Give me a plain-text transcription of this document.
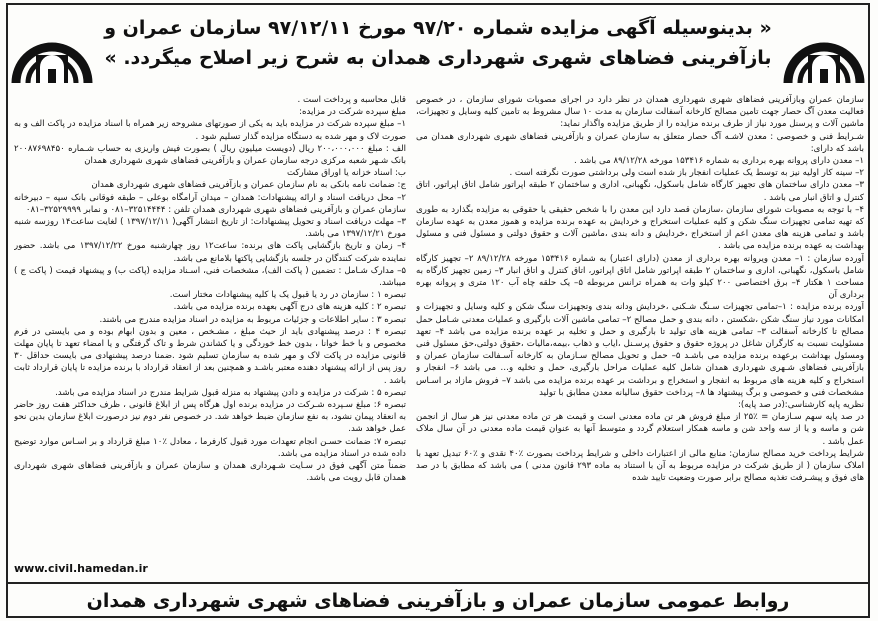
« بدینوسیله آگهی مزایده شماره ۹۷/۲۰ مورخ ۹۷/۱۲/۱۱ سازمان عمران و بازآفرینی فضاهای شهری شهرداری همدان به شرح زیر اصلاح میگردد. »

سازمان عمران وبازآفرینی فضاهای شهری شهرداری همدان در نظر دارد در اجرای مصوبات شورای سازمان ، در خصوص فعالیت معدن آگ حصار جهت تامین مصالح کارخانه آسفالت سازمان به مدت ۱۰ سال مشروط به تامین کلیه وسایل و تجهیزات، ماشین آلات و پرسنل مورد نیاز از طرف برنده مزایده را از طریق مزایده واگذار نماید:

شـرایط فنی و خصوصی : معدن لاشـه آگ حصار متعلق به سازمان عمران و بازآفرینی فضاهای شهری شهرداری همدان می باشد که دارای:

۱– معدن دارای پروانه بهره برداری به شماره ۱۵۳۴۱۶ مورخه ۸۹/۱۲/۲۸ می باشد .

۲– سینه کار اولیه نیز به توسط یک عملیات انفجار باز شده است ولی برداشتی صورت نگرفته است .

۳– معدن دارای ساختمان های تجهیز کارگاه شامل باسکول، نگهبانی، اداری و ساختمان ۲ طبقه اپراتور شامل اتاق اپراتور، اتاق کنترل و اتاق انبار می باشد .

۴– با توجه به مصوبات شورای سازمان ،سازمان قصد دارد این معدن را با شخص حقیقی یا حقوقی به مزایده بگذارد به طوری که تهیه تمامی تجهیزات سنگ شکن و کلیه عملیات استخراج و خردایش به عهده برنده مزایده و هموز معدن به عهده سازمان باشد و تمامی هزینه های معدن اعم از استخراج ،خردایش و دانه بندی ،ماشین آلات و حقوق دولتی و مسئول فنی و مسئول بهداشت به عهده برنده مزایده می باشد .

آورده سازمان : ۱– معدن ویروانه بهره برداری از معدن (دارای اعتبار) به شماره ۱۵۳۴۱۶ مورخه ۸۹/۱۲/۲۸ ۲– تجهیز کارگاه شامل باسکول، نگهبانی، اداری و ساختمان ۲ طبقه اپراتور شامل اتاق اپراتور، اتاق کنترل و اتاق انبار ۳– زمین تجهیز کارگاه به مساحت ۱ هکتار ۴– برق اختصاصی ۲۰۰ کیلو وات به همراه ترانس مربوطه ۵– یک حلقه چاه آب ۱۲۰ متری و پروانه بهره برداری آن

آورده برنده مزایده : ۱–تمامی تجهیزات سـنگ شـکنی ،خردایش ودانه بندی وتجهیزات سنگ شکن و کلیه وسایل و تجهیزات و امکانات مورد نیاز سنگ شکن ،شکستن ، دانه بندی و حمل مصالح ۲– تمامی ماشین آلات بارگیری و عملیات معدنی شـامل حمل مصالح تا کارخانه آسفالت ۳– تمامی هزینه های تولید تا بارگیری و حمل و تخلیه بر عهده برنده مزایده می باشد ۴– تعهد مسئولیت نسبت به کارگران شاغل در پروژه حقوق و حقوق پرسـنل ،ایاب و ذهاب ،بیمه،مالیات ،حقوق دولتی،حق مسئول فنی ومسئول بهداشت برعهده برنده مزایده می باشـد ۵– حمل و تحویل مصالح سـازمان به کارخانه آسـفالت سازمان عمران و بازآفرینی فضاهای شـهری شهرداری همدان شامل کلیه عملیات مراحل بارگیری، حمل و تخلیه و… می باشد ۶– انفجار و استخراج و کلیه هزینه های مربوط به انفجار و استخراج و برداشت بر عهده برنده مزایده می باشد ۷– فروش مازاد بر اسـاس مشخصات فنی و خصوصی و برگ پیشنهاد ها ۸– پرداخت حقوق سالیانه معدن مطابق با تولید

نظریه پایه کارشناسی:(در صد پایه):

در صد پایه سهم سـازمان = ٪۲۵ از مبلغ فروش هر تن ماده معدنی است و قیمت هر تن ماده معدنی نیز هر سال از انجمن شن و ماسه و یا از سه واحد شن و ماسه همکار استعلام گردد و متوسط آنها به عنوان قیمت ماده معدنی در آن سال ملاک عمل باشد .

شرایط پرداخت خرید مصالح سازمان: منابع مالی از اعتبارات داخلی و شرایط پرداخت بصورت ٪۴۰ نقدی و ٪۶۰ تبدیل تعهد با املاک سازمان ( از طریق شرکت در مزایده مربوط به آن با استناد به ماده ۲۹۳ قانون مدنی ) می باشد که مطابق با در صد های فوق و پیشـرفت تغذیه مصالح برابر صورت وضعیت تایید شده

قابل محاسبه و پرداخت است .

مبلغ سپرده شرکت در مزایده:

۱– مبلغ سپرده شرکت در مزایده باید به یکی از صورتهای مشروحه زیر همراه با اسناد مزایده در پاکت الف و به صورت لاک و مهر شده به دستگاه مزایده گذار تسلیم شود .

الف : مبلغ ۲۰۰،۰۰۰،۰۰۰ ریال (دویست میلیون ریال ) بصورت فیش واریزی به حساب شـماره ۲۰۰۸۷۶۹۸۴۵۰ بانک شـهر شعبه مرکزی درجه سازمان عمران و بازآفرینی فضاهای شهری شهرداری همدان

ب: اسناد خزانه یا اوراق مشارکت

ج: ضمانت نامه بانکی به نام سازمان عمران و بازآفرینی فضاهای شهری شهرداری همدان

۲– محل دریافت اسناد و ارائه پیشنهادات: همدان – میدان آرامگاه بوعلی – طبقه فوقانی بانک سپه – دبیرخانه سازمان عمران و بازآفرینی فضاهای شهری شهرداری همدان تلفن : ۳۲۵۱۴۴۴۴–۰۸۱ و نمابر ۳۲۵۲۹۹۹۹–۰۸۱

۳– مهلت دریافت اسناد و تحویل پیشنهادات: از تاریخ انتشار آگهی( ۱۳۹۷/۱۲/۱۱ ) لغایت ساعت۱۴ روزسه شنبه مورخ ۱۳۹۷/۱۲/۲۱ می باشد.

۴– زمان و تاریخ بازگشایی پاکت های برنده: ساعت۱۲ روز چهارشنبه مورخ ۱۳۹۷/۱۲/۲۲ می باشد. حضور نماینده شرکت کنندگان در جلسه بازگشایی پاکتها بلامانع می باشد.

۵– مدارک شـامل : تضمین ( پاکت الف)، مشخصات فنی، اسـناد مزایده (پاکت ب) و پیشنهاد قیمت ( پاکت ج ) میباشد.

تبصره ۱ : سازمان در رد یا قبول یک یا کلیه پیشنهادات مختار است.

تبصره ۲ : کلیه هزینه های درج آگهی بعهده برنده مزایده می باشد.

تبصره ۳ : سایر اطلاعات و جزئیات مربوط به مزایده در اسناد مزایده مندرج می باشند.

تبصره ۴ : درصد پیشنهادی باید از حیث مبلغ ، مشـخص ، معین و بدون ابهام بوده و می بایستی در فرم مخصوص و با خط خوانا ، بدون خط خوردگی و یا کشاندن شرط و تاک گرفتگی و یا امضاء تعهد تا پایان مهلت قانونی مزایده در پاکت لاک و مهر شده به سازمان تسلیم شود .ضمنا درصد پیشنهادی می بایست حداقل ۳۰ روز پس از ارائه پیشنهاد دهنده معتبر باشـد و همچنین بعد از انعقاد قرارداد با برنده مزایده تا پایان قرارداد ثابت باشد .

تبصره ۵ : شرکت در مزایده و دادن پیشنهاد به منزله قبول شرایط مندرج در اسناد مزایده می باشد.

تبصره ۶: مبلغ سـپرده شـرکت در مزایده برنده اول هرگاه پس از ابلاغ قانونی ، ظرف حداکثر هفت روز حاضر به انعقاد پیمان نشود، به نفع سازمان ضبط خواهد شد. در خصوص نفر دوم نیز درصورت ابلاغ سازمان بدین نحو عمل خواهد شد.

تبصره ۷: ضمانت حسـن انجام تعهدات مورد قبول کارفرما ، معادل ٪۱۰ مبلغ قرارداد و بر اسـاس موارد توضیح داده شده در اسناد مزایده می باشد.

ضمناً متن آگهی فوق در سـایت شـهرداری همدان و سازمان عمران و بازآفرینی فضاهای شهری شهرداری همدان قابل رویت می باشد.

www.civil.hamedan.ir
روابط عمومی سازمان عمران و بازآفرینی فضاهای شهری شهرداری همدان
